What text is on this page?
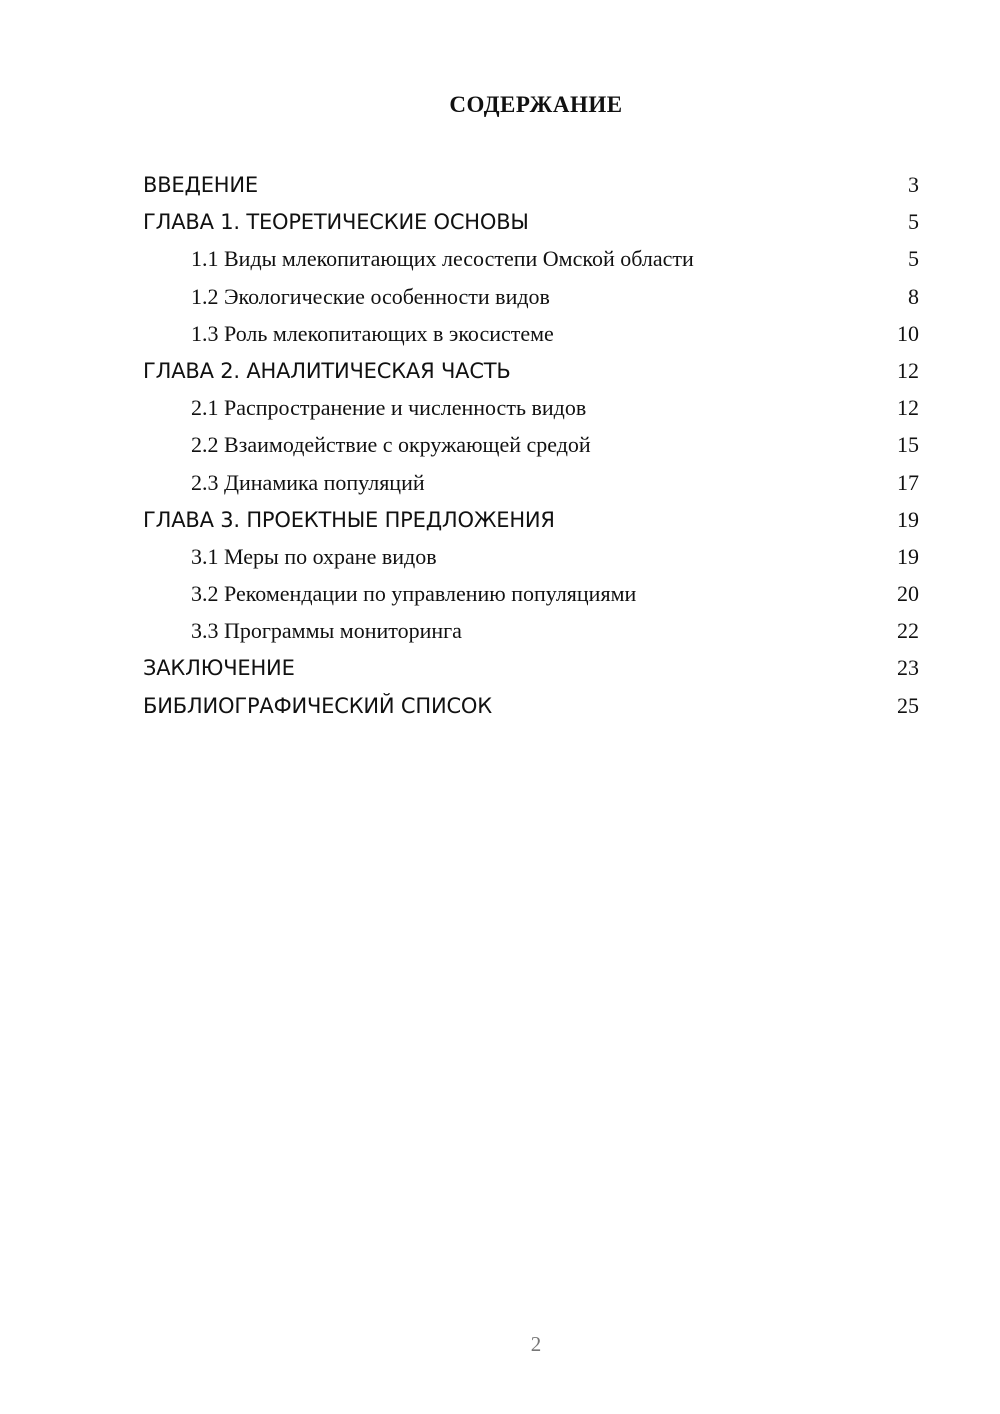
СОДЕРЖАНИЕ
ВВЕДЕНИЕ	3
ГЛАВА 1. ТЕОРЕТИЧЕСКИЕ ОСНОВЫ	5
1.1 Виды млекопитающих лесостепи Омской области	5
1.2 Экологические особенности видов	8
1.3 Роль млекопитающих в экосистеме	10
ГЛАВА 2. АНАЛИТИЧЕСКАЯ ЧАСТЬ	12
2.1 Распространение и численность видов	12
2.2 Взаимодействие с окружающей средой	15
2.3 Динамика популяций	17
ГЛАВА 3. ПРОЕКТНЫЕ ПРЕДЛОЖЕНИЯ	19
3.1 Меры по охране видов	19
3.2 Рекомендации по управлению популяциями	20
3.3 Программы мониторинга	22
ЗАКЛЮЧЕНИЕ	23
БИБЛИОГРАФИЧЕСКИЙ СПИСОК	25
2
